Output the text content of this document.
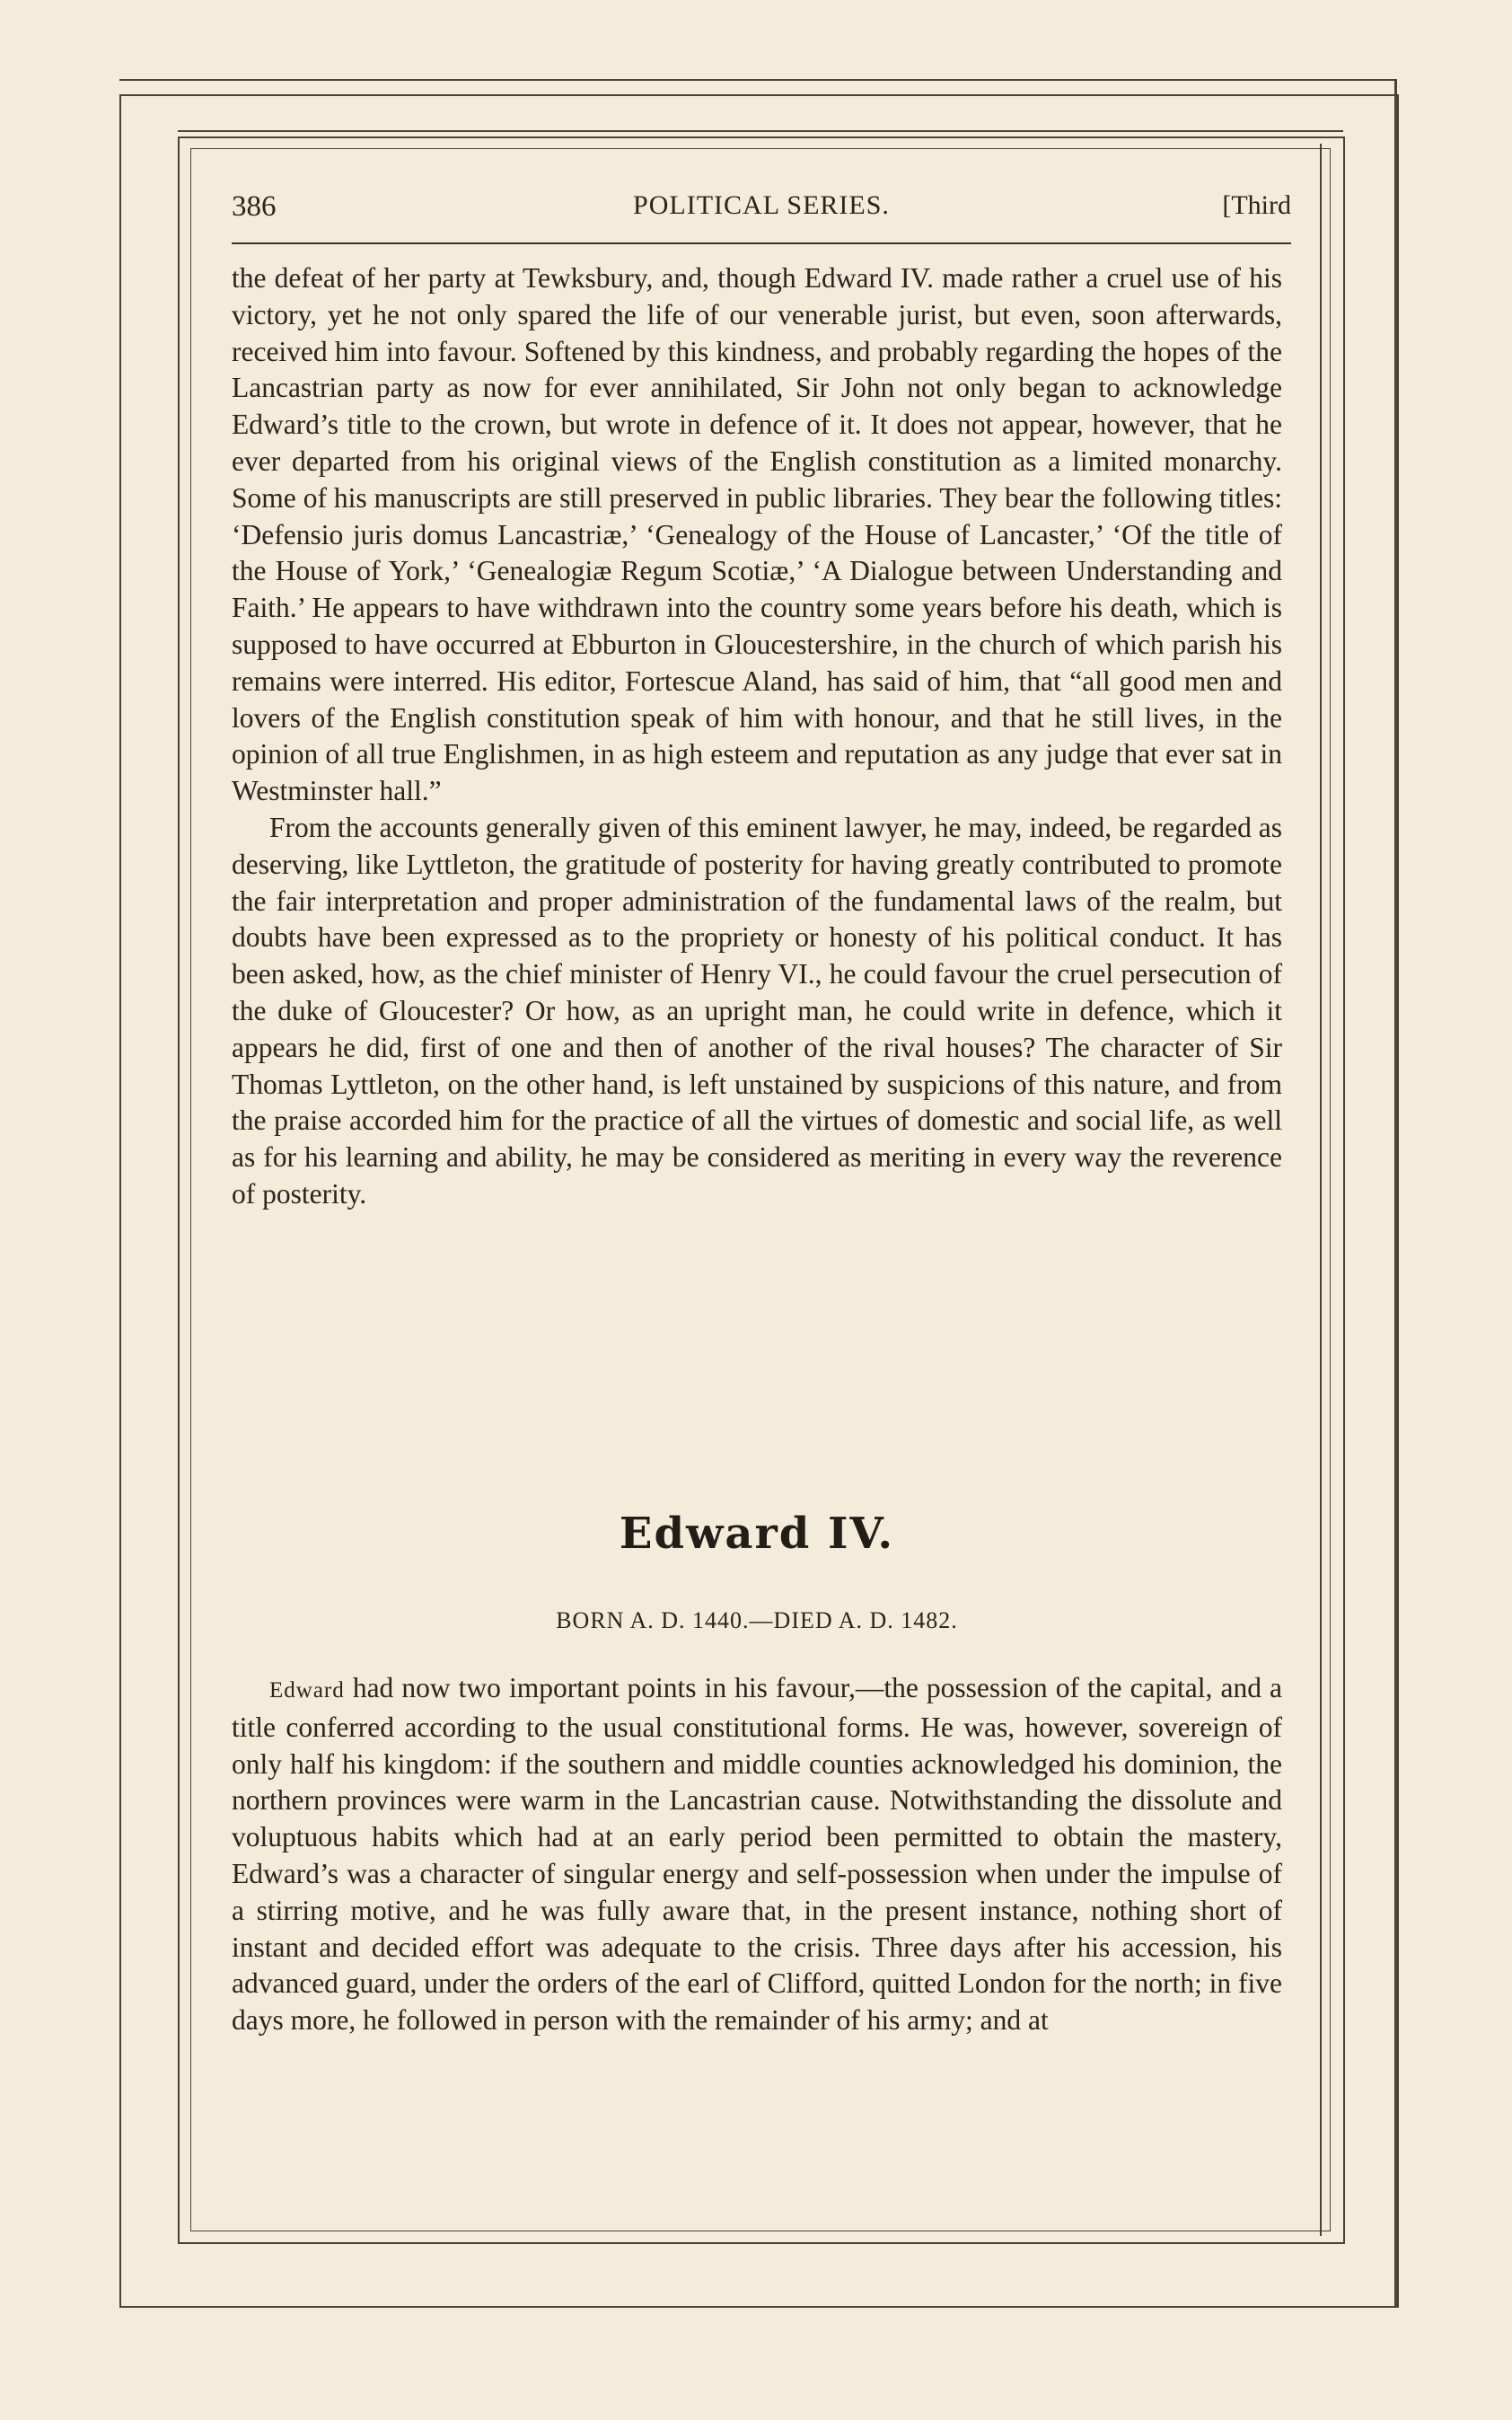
386	POLITICAL SERIES.	[Third

the defeat of her party at Tewksbury, and, though Edward IV. made rather a cruel use of his victory, yet he not only spared the life of our venerable jurist, but even, soon afterwards, received him into favour. Softened by this kindness, and probably regarding the hopes of the Lancastrian party as now for ever annihilated, Sir John not only began to acknowledge Edward’s title to the crown, but wrote in defence of it. It does not appear, however, that he ever departed from his original views of the English constitution as a limited monarchy. Some of his manuscripts are still preserved in public libraries. They bear the following titles: ‘Defensio juris domus Lancastriæ,’ ‘Genealogy of the House of Lancaster,’ ‘Of the title of the House of York,’ ‘Genealogiæ Regum Scotiæ,’ ‘A Dialogue between Understanding and Faith.’ He appears to have withdrawn into the country some years before his death, which is supposed to have occurred at Ebburton in Gloucestershire, in the church of which parish his remains were interred. His editor, Fortescue Aland, has said of him, that “all good men and lovers of the English constitution speak of him with honour, and that he still lives, in the opinion of all true Englishmen, in as high esteem and reputation as any judge that ever sat in Westminster hall.”

From the accounts generally given of this eminent lawyer, he may, indeed, be regarded as deserving, like Lyttleton, the gratitude of posterity for having greatly contributed to promote the fair interpretation and proper administration of the fundamental laws of the realm, but doubts have been expressed as to the propriety or honesty of his political conduct. It has been asked, how, as the chief minister of Henry VI., he could favour the cruel persecution of the duke of Gloucester? Or how, as an upright man, he could write in defence, which it appears he did, first of one and then of another of the rival houses? The character of Sir Thomas Lyttleton, on the other hand, is left unstained by suspicions of this nature, and from the praise accorded him for the practice of all the virtues of domestic and social life, as well as for his learning and ability, he may be considered as meriting in every way the reverence of posterity.

Edward IV.
BORN A. D. 1440.—DIED A. D. 1482.

Edward had now two important points in his favour,—the possession of the capital, and a title conferred according to the usual constitutional forms. He was, however, sovereign of only half his kingdom: if the southern and middle counties acknowledged his dominion, the northern provinces were warm in the Lancastrian cause. Notwithstanding the dissolute and voluptuous habits which had at an early period been permitted to obtain the mastery, Edward’s was a character of singular energy and self-possession when under the impulse of a stirring motive, and he was fully aware that, in the present instance, nothing short of instant and decided effort was adequate to the crisis. Three days after his accession, his advanced guard, under the orders of the earl of Clifford, quitted London for the north; in five days more, he followed in person with the remainder of his army; and at
